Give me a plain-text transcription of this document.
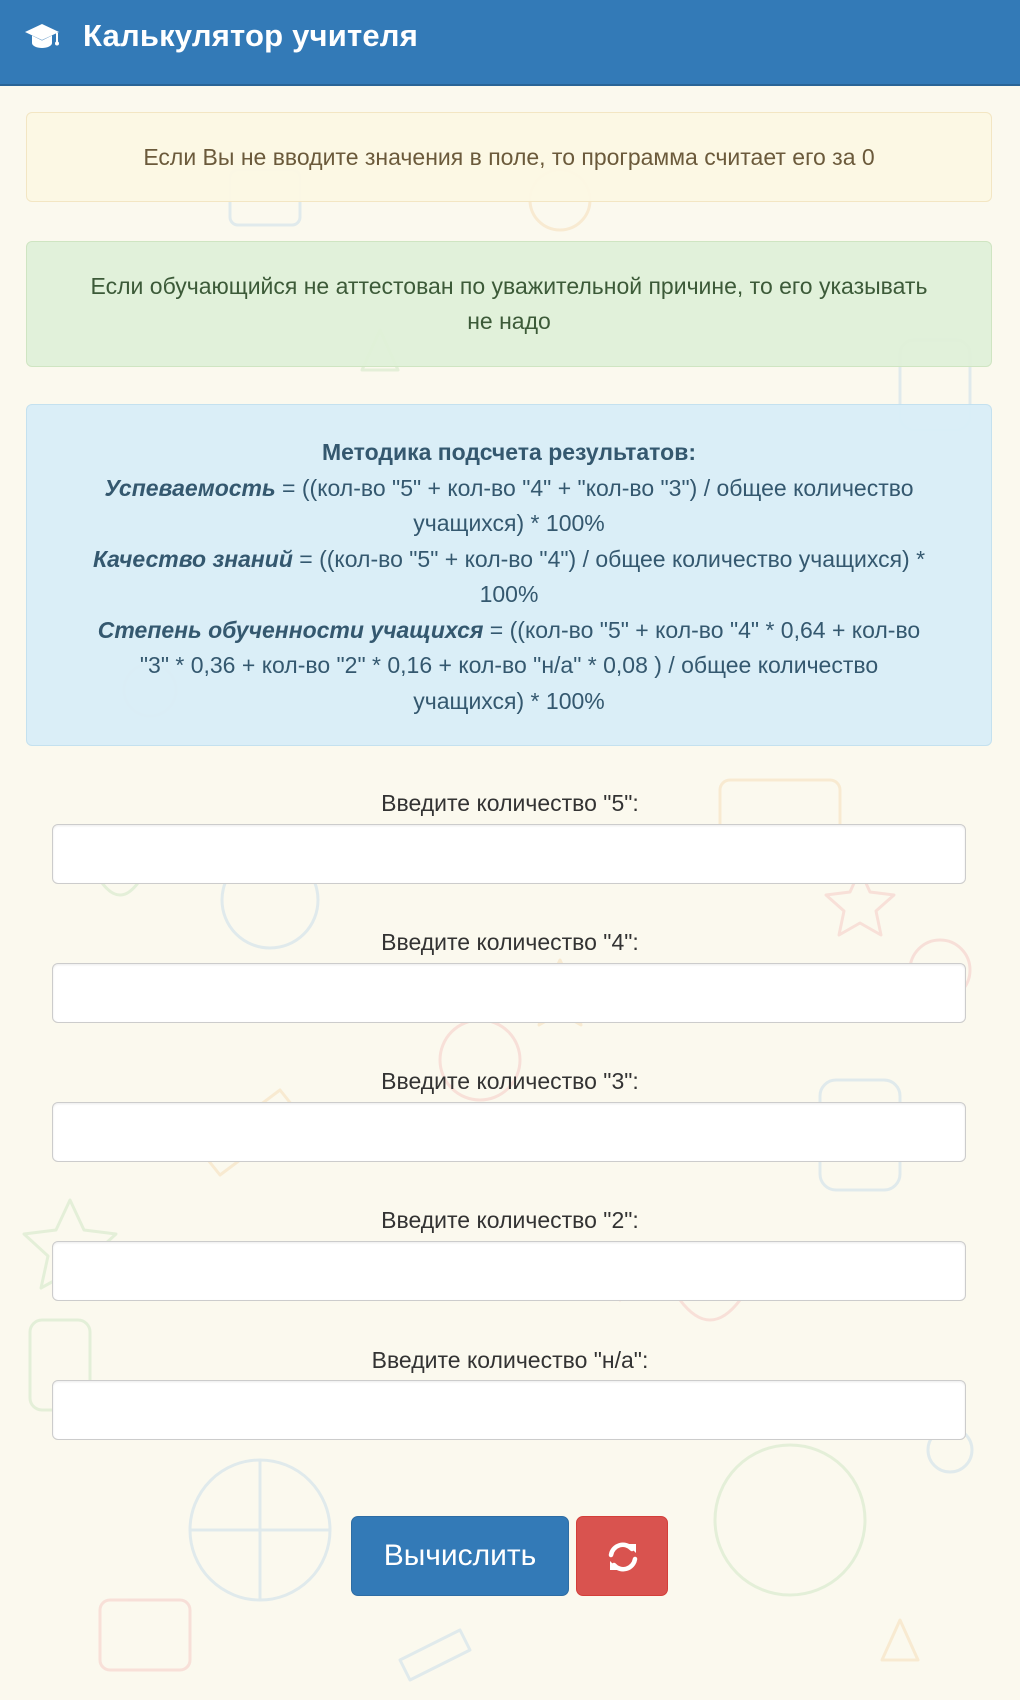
Калькулятор учителя
Если Вы не вводите значения в поле, то программа считает его за 0
Если обучающийся не аттестован по уважительной причине, то его указывать
не надо
Методика подсчета результатов:
Успеваемость = ((кол-во "5" + кол-во "4" + "кол-во "3") / общее количество
учащихся) * 100%
Качество знаний = ((кол-во "5" + кол-во "4") / общее количество учащихся) *
100%
Степень обученности учащихся = ((кол-во "5" + кол-во "4" * 0,64 + кол-во
"3" * 0,36 + кол-во "2" * 0,16 + кол-во "н/а" * 0,08 ) / общее количество
учащихся) * 100%
Введите количество "5":
Введите количество "4":
Введите количество "3":
Введите количество "2":
Введите количество "н/а":
Вычислить
